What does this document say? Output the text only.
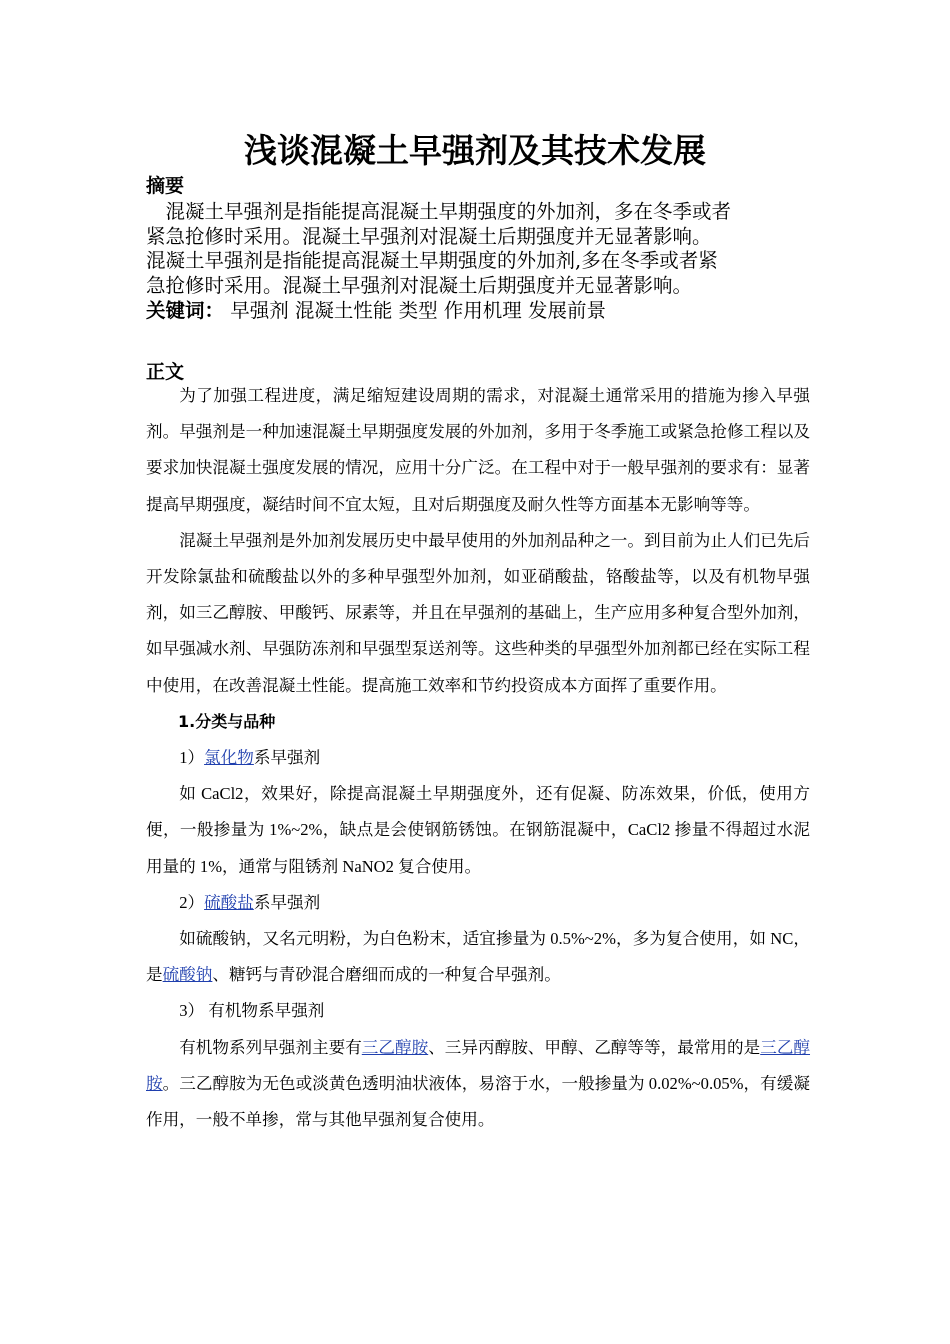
浅谈混凝土早强剂及其技术发展
摘要
混凝土早强剂是指能提高混凝土早期强度的外加剂，多在冬季或者
紧急抢修时采用。混凝土早强剂对混凝土后期强度并无显著影响。
混凝土早强剂是指能提高混凝土早期强度的外加剂,多在冬季或者紧
急抢修时采用。混凝土早强剂对混凝土后期强度并无显著影响。
关键词： 早强剂 混凝土性能 类型 作用机理 发展前景
正文

为了加强工程进度，满足缩短建设周期的需求，对混凝土通常采用的措施为掺入早强剂。早强剂是一种加速混凝土早期强度发展的外加剂，多用于冬季施工或紧急抢修工程以及要求加快混凝土强度发展的情况，应用十分广泛。在工程中对于一般早强剂的要求有：显著提高早期强度，凝结时间不宜太短，且对后期强度及耐久性等方面基本无影响等等。

混凝土早强剂是外加剂发展历史中最早使用的外加剂品种之一。到目前为止人们已先后开发除氯盐和硫酸盐以外的多种早强型外加剂，如亚硝酸盐，铬酸盐等，以及有机物早强剂，如三乙醇胺、甲酸钙、尿素等，并且在早强剂的基础上，生产应用多种复合型外加剂，如早强减水剂、早强防冻剂和早强型泵送剂等。这些种类的早强型外加剂都已经在实际工程中使用，在改善混凝土性能。提高施工效率和节约投资成本方面挥了重要作用。

1.分类与品种

1）氯化物系早强剂

如 CaCl2，效果好，除提高混凝土早期强度外，还有促凝、防冻效果，价低，使用方便，一般掺量为 1%~2%，缺点是会使钢筋锈蚀。在钢筋混凝中，CaCl2 掺量不得超过水泥用量的 1%，通常与阻锈剂 NaNO2 复合使用。

2）硫酸盐系早强剂

如硫酸钠，又名元明粉，为白色粉末，适宜掺量为 0.5%~2%，多为复合使用，如 NC，是硫酸钠、糖钙与青砂混合磨细而成的一种复合早强剂。

3） 有机物系早强剂

有机物系列早强剂主要有三乙醇胺、三异丙醇胺、甲醇、乙醇等等，最常用的是三乙醇胺。三乙醇胺为无色或淡黄色透明油状液体，易溶于水，一般掺量为 0.02%~0.05%，有缓凝作用，一般不单掺，常与其他早强剂复合使用。
